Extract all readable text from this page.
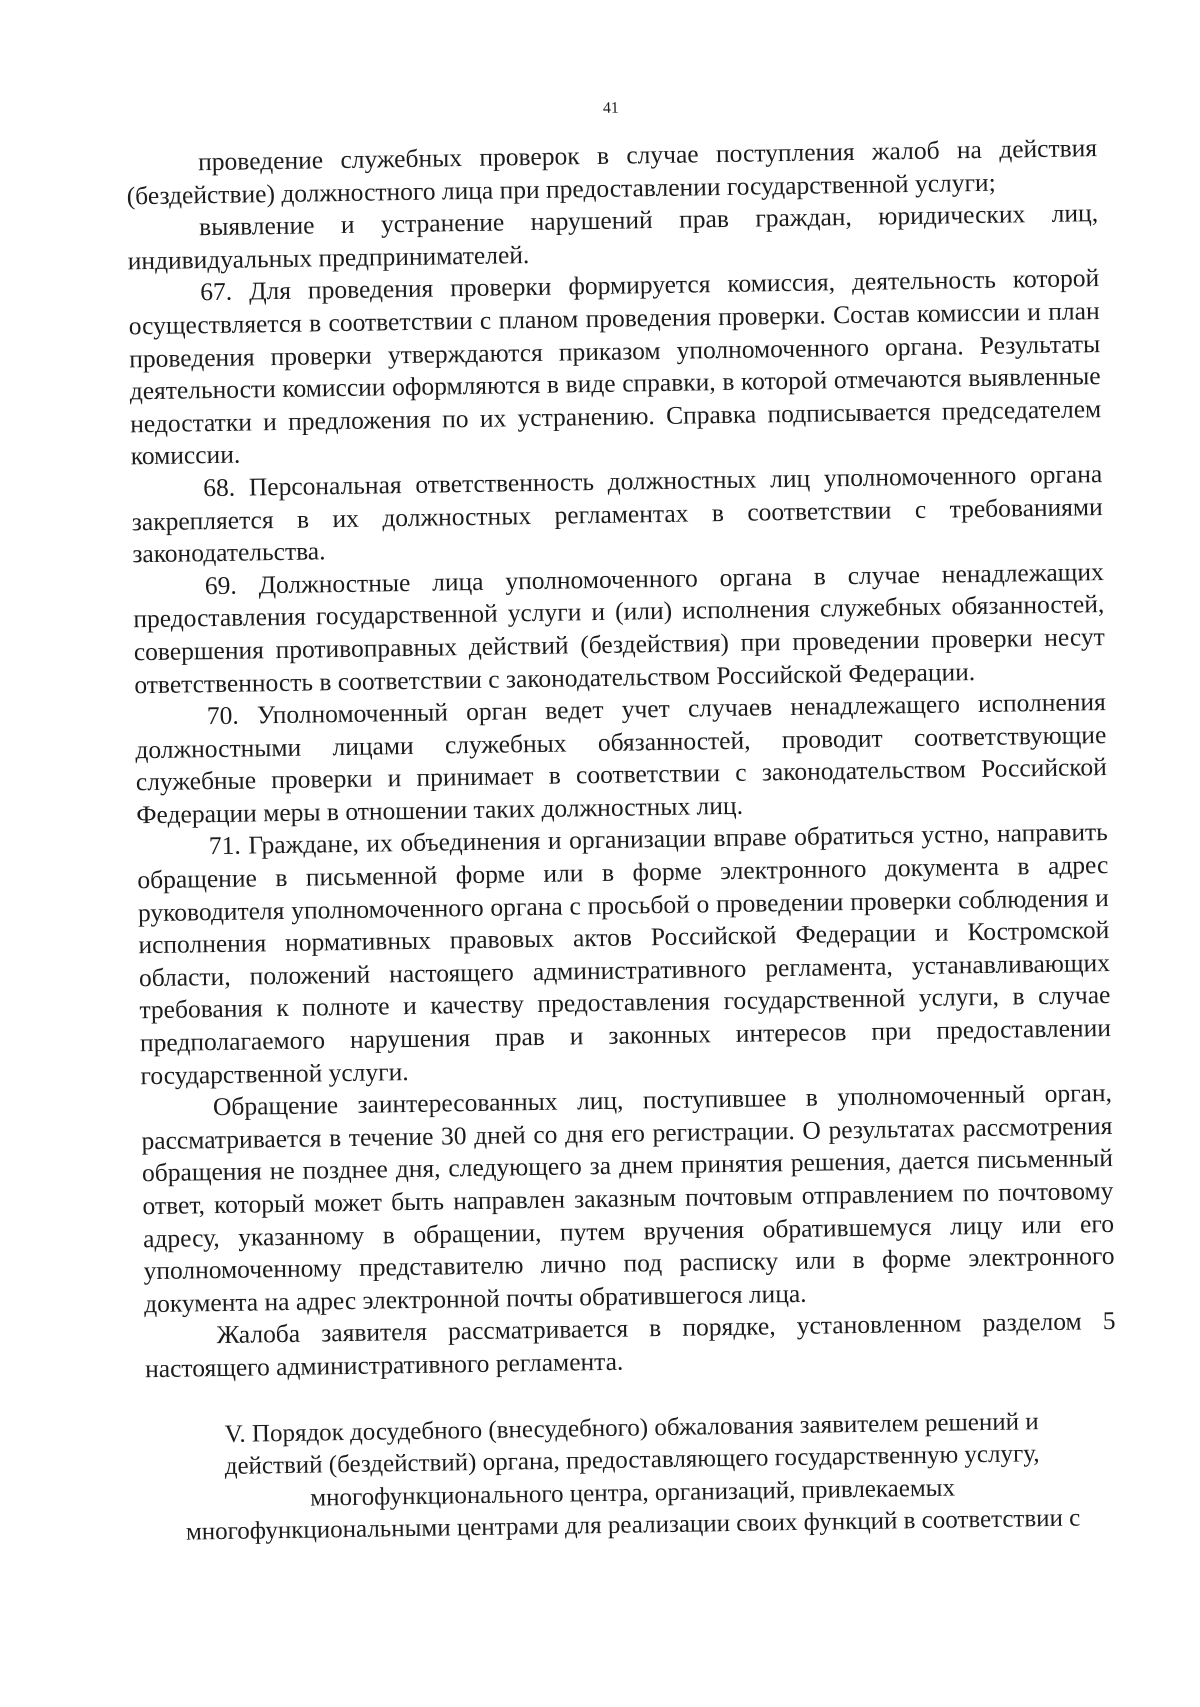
41

проведение служебных проверок в случае поступления жалоб на действия (бездействие) должностного лица при предоставлении государственной услуги;

выявление и устранение нарушений прав граждан, юридических лиц, индивидуальных предпринимателей.

67. Для проведения проверки формируется комиссия, деятельность которой осуществляется в соответствии с планом проведения проверки. Состав комиссии и план проведения проверки утверждаются приказом уполномоченного органа. Результаты деятельности комиссии оформляются в виде справки, в которой отмечаются выявленные недостатки и предложения по их устранению. Справка подписывается председателем комиссии.

68. Персональная ответственность должностных лиц уполномоченного органа закрепляется в их должностных регламентах в соответствии с требованиями законодательства.

69. Должностные лица уполномоченного органа в случае ненадлежащих предоставления государственной услуги и (или) исполнения служебных обязанностей, совершения противоправных действий (бездействия) при проведении проверки несут ответственность в соответствии с законодательством Российской Федерации.

70. Уполномоченный орган ведет учет случаев ненадлежащего исполнения должностными лицами служебных обязанностей, проводит соответствующие служебные проверки и принимает в соответствии с законодательством Российской Федерации меры в отношении таких должностных лиц.

71. Граждане, их объединения и организации вправе обратиться устно, направить обращение в письменной форме или в форме электронного документа в адрес руководителя уполномоченного органа с просьбой о проведении проверки соблюдения и исполнения нормативных правовых актов Российской Федерации и Костромской области, положений настоящего административного регламента, устанавливающих требования к полноте и качеству предоставления государственной услуги, в случае предполагаемого нарушения прав и законных интересов при предоставлении государственной услуги.

Обращение заинтересованных лиц, поступившее в уполномоченный орган, рассматривается в течение 30 дней со дня его регистрации. О результатах рассмотрения обращения не позднее дня, следующего за днем принятия решения, дается письменный ответ, который может быть направлен заказным почтовым отправлением по почтовому адресу, указанному в обращении, путем вручения обратившемуся лицу или его уполномоченному представителю лично под расписку или в форме электронного документа на адрес электронной почты обратившегося лица.

Жалоба заявителя рассматривается в порядке, установленном разделом 5 настоящего административного регламента.

V. Порядок досудебного (внесудебного) обжалования заявителем решений и
действий (бездействий) органа, предоставляющего государственную услугу,
многофункционального центра, организаций, привлекаемых
многофункциональными центрами для реализации своих функций в соответствии с
